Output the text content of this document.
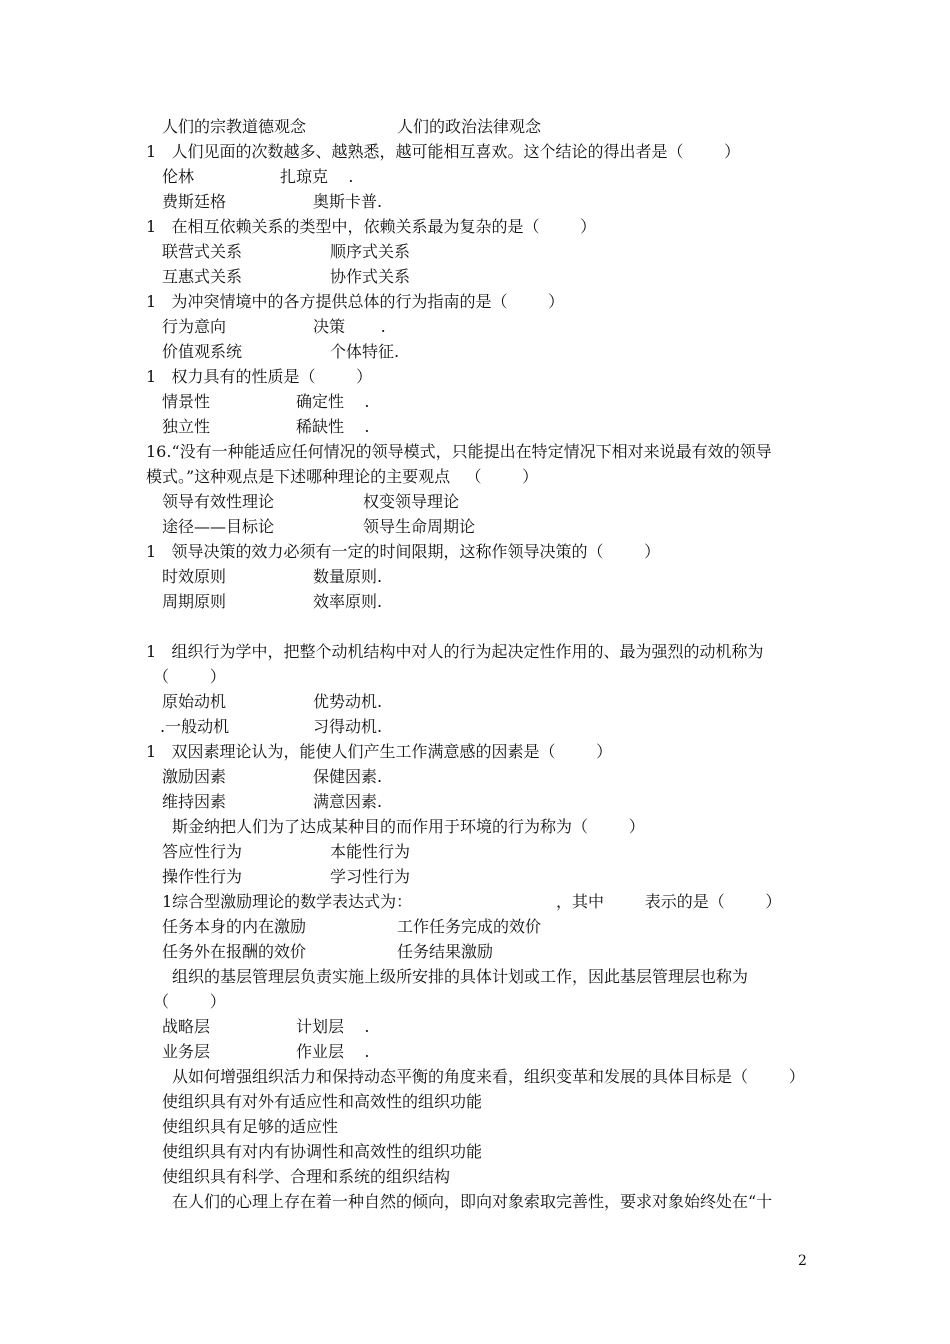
人们的宗教道德观念	人们的政治法律观念
1   人们见面的次数越多、越熟悉，越可能相互喜欢。这个结论的得出者是（        ）
伦林	扎琼克    .
费斯廷格	奥斯卡普.
1   在相互依赖关系的类型中，依赖关系最为复杂的是（        ）
联营式关系	顺序式关系
互惠式关系	协作式关系
1   为冲突情境中的各方提供总体的行为指南的是（        ）
行为意向	决策       .
价值观系统	个体特征.
1   权力具有的性质是（        ）
情景性	确定性    .
独立性	稀缺性    .
16.“没有一种能适应任何情况的领导模式，只能提出在特定情况下相对来说最有效的领导
模式。”这种观点是下述哪种理论的主要观点   （        ）
领导有效性理论	权变领导理论
途径——目标论	领导生命周期论
1   领导决策的效力必须有一定的时间限期，这称作领导决策的（        ）
时效原则	数量原则.
周期原则	效率原则.
1   组织行为学中，把整个动机结构中对人的行为起决定性作用的、最为强烈的动机称为
（        ）
原始动机	优势动机.
.一般动机	习得动机.
1   双因素理论认为，能使人们产生工作满意感的因素是（        ）
激励因素	保健因素.
维持因素	满意因素.
斯金纳把人们为了达成某种目的而作用于环境的行为称为（        ）
答应性行为	本能性行为
操作性行为	学习性行为
1综合型激励理论的数学表达式为：	，其中        表示的是（        ）
任务本身的内在激励	工作任务完成的效价
任务外在报酬的效价	任务结果激励
组织的基层管理层负责实施上级所安排的具体计划或工作，因此基层管理层也称为
（        ）
战略层	计划层    .
业务层	作业层    .
从如何增强组织活力和保持动态平衡的角度来看，组织变革和发展的具体目标是（        ）
使组织具有对外有适应性和高效性的组织功能
使组织具有足够的适应性
使组织具有对内有协调性和高效性的组织功能
使组织具有科学、合理和系统的组织结构
在人们的心理上存在着一种自然的倾向，即向对象索取完善性，要求对象始终处在“十
2
